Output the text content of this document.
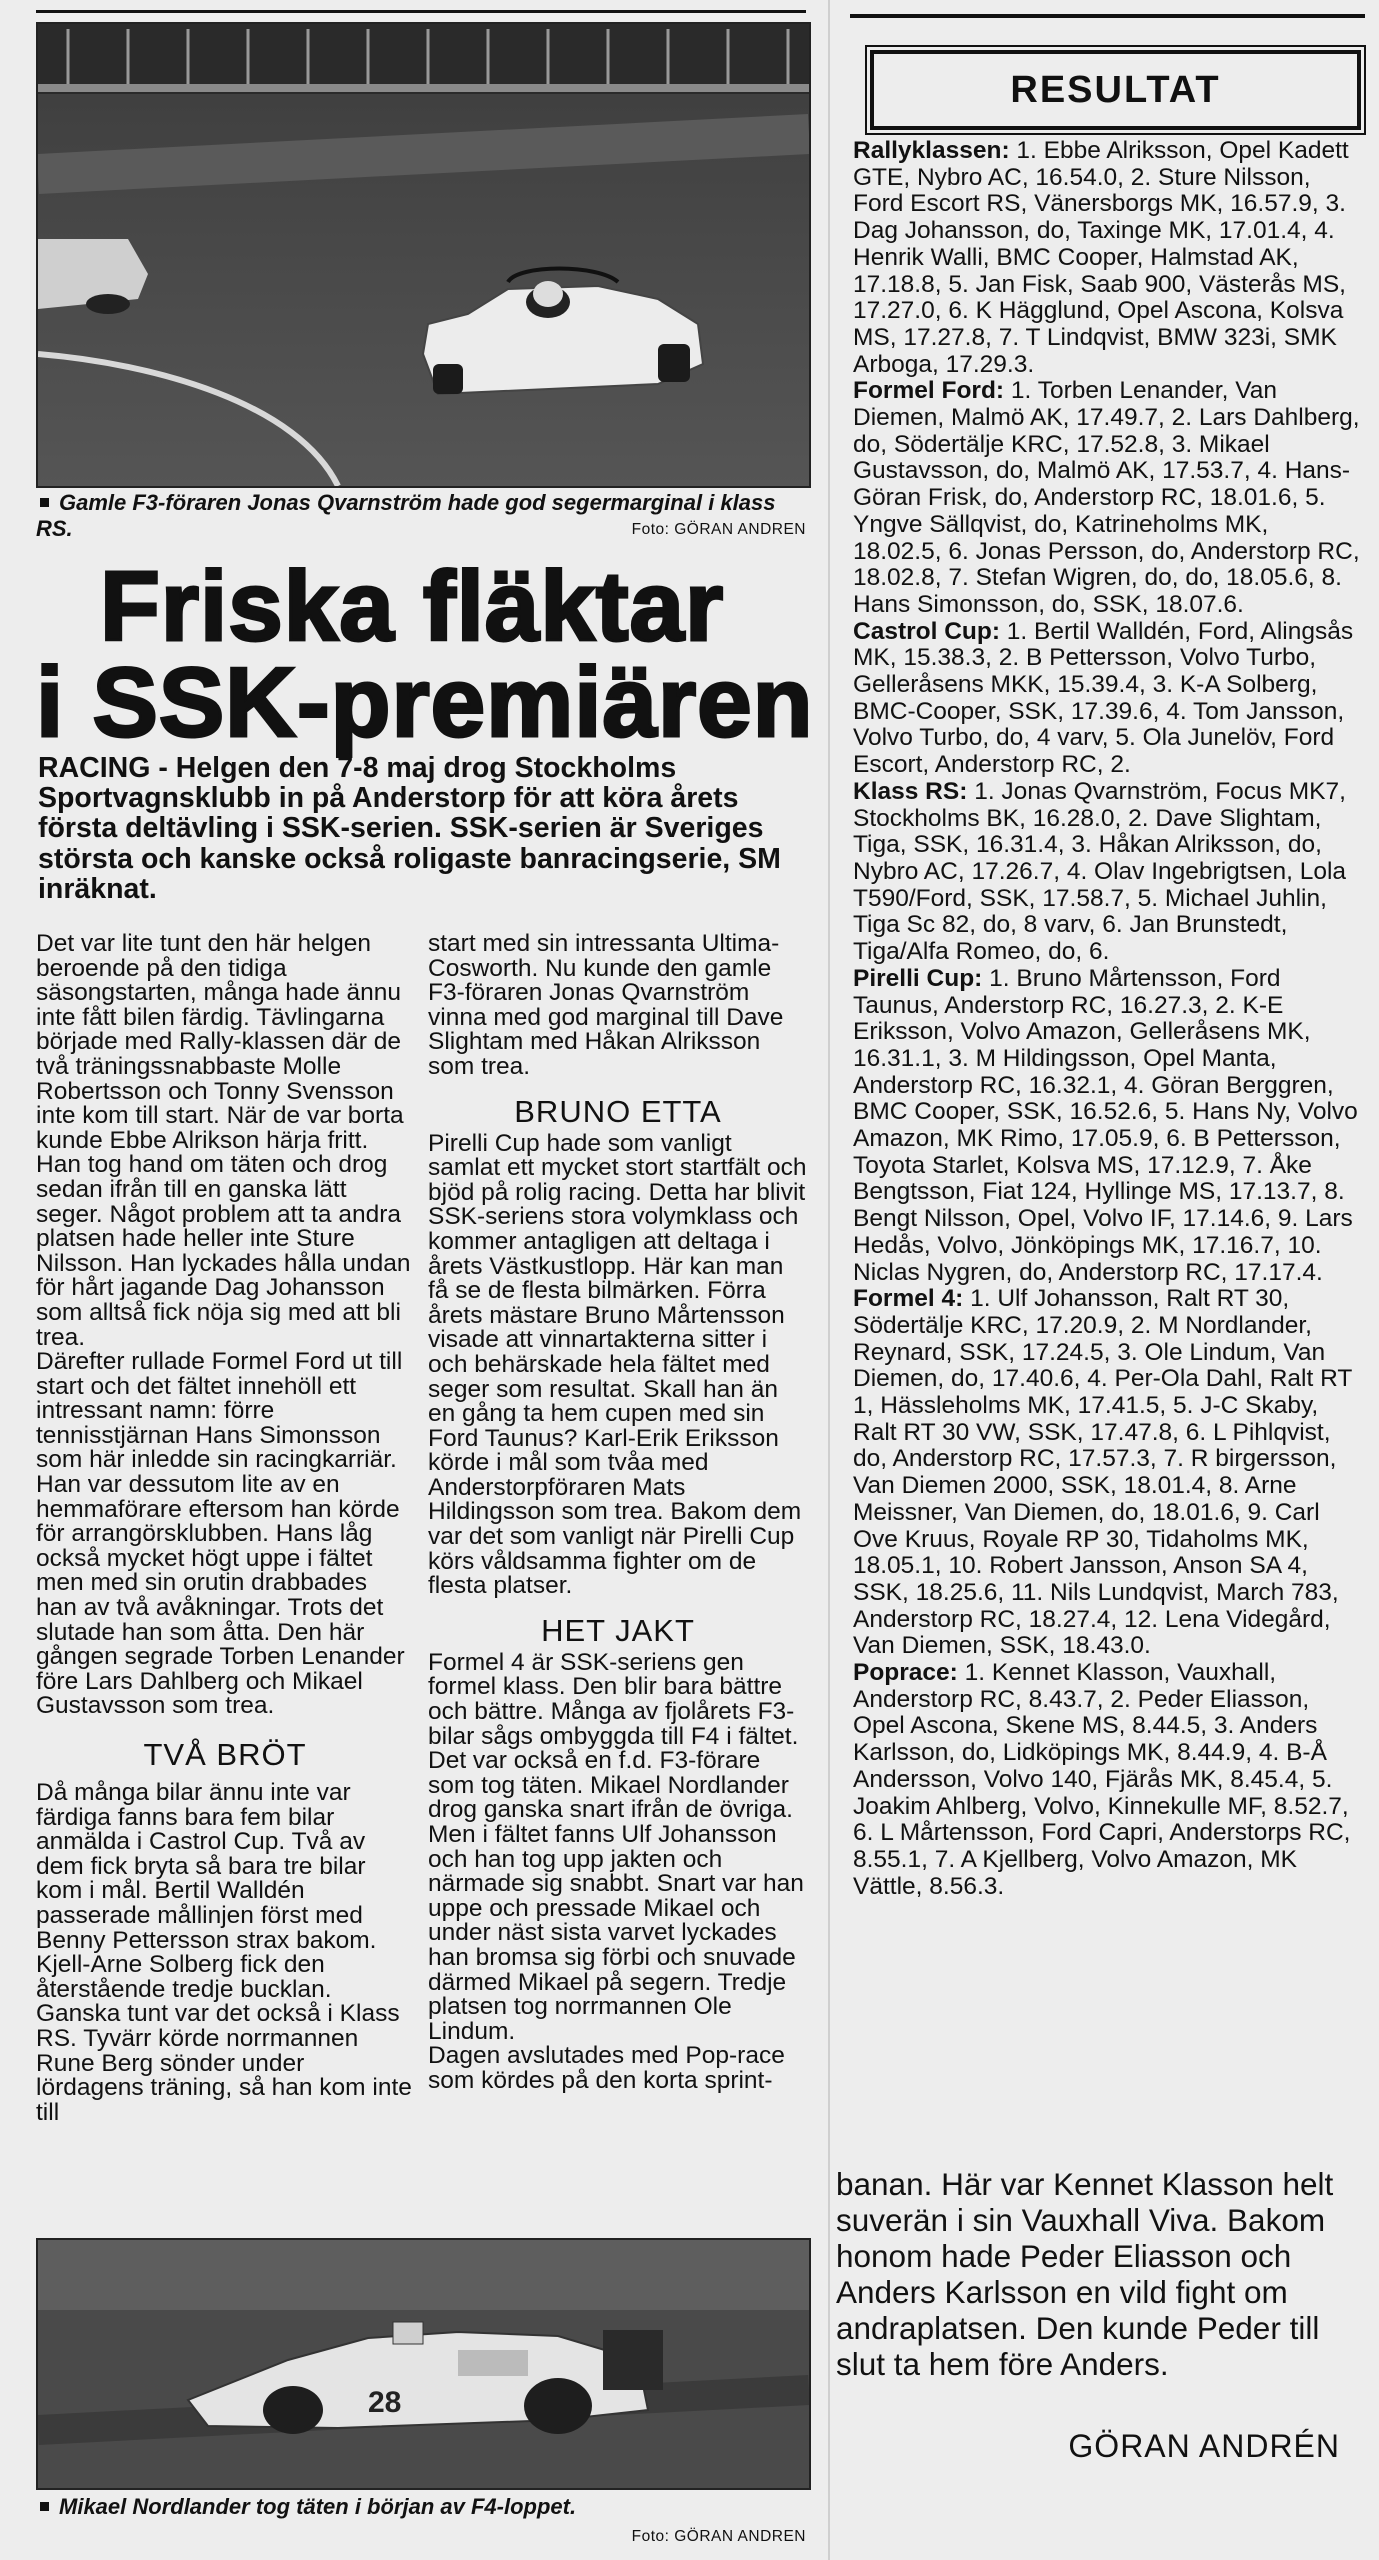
Gamle F3-föraren Jonas Qvarnström hade god segermarginal i klass RS.	Foto: GÖRAN ANDREN
Friska fläktar
i SSK-premiären
RACING - Helgen den 7-8 maj drog Stockholms Sportvagnsklubb in på Anderstorp för att köra årets första deltävling i SSK-serien. SSK-serien är Sveriges största och kanske också roligaste banracingserie, SM inräknat.
Det var lite tunt den här helgen beroende på den tidiga säsongstarten, många hade ännu inte fått bilen färdig. Tävlingarna började med Rally-klassen där de två träningssnabbaste Molle Robertsson och Tonny Svensson inte kom till start. När de var borta kunde Ebbe Alrikson härja fritt. Han tog hand om täten och drog sedan ifrån till en ganska lätt seger. Något problem att ta andra platsen hade heller inte Sture Nilsson. Han lyckades hålla undan för hårt jagande Dag Johansson som alltså fick nöja sig med att bli trea.
Därefter rullade Formel Ford ut till start och det fältet innehöll ett intressant namn: förre tennisstjärnan Hans Simonsson som här inledde sin racingkarriär. Han var dessutom lite av en hemmaförare eftersom han körde för arrangörsklubben. Hans låg också mycket högt uppe i fältet men med sin orutin drabbades han av två avåkningar. Trots det slutade han som åtta. Den här gången segrade Torben Lenander före Lars Dahlberg och Mikael Gustavsson som trea.
TVÅ BRÖT
Då många bilar ännu inte var färdiga fanns bara fem bilar anmälda i Castrol Cup. Två av dem fick bryta så bara tre bilar kom i mål. Bertil Walldén passerade mållinjen först med Benny Pettersson strax bakom. Kjell-Arne Solberg fick den återstående tredje bucklan.
Ganska tunt var det också i Klass RS. Tyvärr körde norrmannen Rune Berg sönder under lördagens träning, så han kom inte till
start med sin intressanta Ultima-Cosworth. Nu kunde den gamle F3-föraren Jonas Qvarnström vinna med god marginal till Dave Slightam med Håkan Alriksson som trea.
BRUNO ETTA
Pirelli Cup hade som vanligt samlat ett mycket stort startfält och bjöd på rolig racing. Detta har blivit SSK-seriens stora volymklass och kommer antagligen att deltaga i årets Västkustlopp. Här kan man få se de flesta bilmärken. Förra årets mästare Bruno Mårtensson visade att vinnartakterna sitter i och behärskade hela fältet med seger som resultat. Skall han än en gång ta hem cupen med sin Ford Taunus? Karl-Erik Eriksson körde i mål som tvåa med Anderstorpföraren Mats Hildingsson som trea. Bakom dem var det som vanligt när Pirelli Cup körs våldsamma fighter om de flesta platser.
HET JAKT
Formel 4 är SSK-seriens gen formel klass. Den blir bara bättre och bättre. Många av fjolårets F3-bilar sågs ombyggda till F4 i fältet. Det var också en f.d. F3-förare som tog täten. Mikael Nordlander drog ganska snart ifrån de övriga. Men i fältet fanns Ulf Johansson och han tog upp jakten och närmade sig snabbt. Snart var han uppe och pressade Mikael och under näst sista varvet lyckades han bromsa sig förbi och snuvade därmed Mikael på segern. Tredje platsen tog norrmannen Ole Lindum.
Dagen avslutades med Pop-race som kördes på den korta sprint-
RESULTAT
Rallyklassen: 1. Ebbe Alriksson, Opel Kadett GTE, Nybro AC, 16.54.0, 2. Sture Nilsson, Ford Escort RS, Vänersborgs MK, 16.57.9, 3. Dag Johansson, do, Taxinge MK, 17.01.4, 4. Henrik Walli, BMC Cooper, Halmstad AK, 17.18.8, 5. Jan Fisk, Saab 900, Västerås MS, 17.27.0, 6. K Hägglund, Opel Ascona, Kolsva MS, 17.27.8, 7. T Lindqvist, BMW 323i, SMK Arboga, 17.29.3.
Formel Ford: 1. Torben Lenander, Van Diemen, Malmö AK, 17.49.7, 2. Lars Dahlberg, do, Södertälje KRC, 17.52.8, 3. Mikael Gustavsson, do, Malmö AK, 17.53.7, 4. Hans-Göran Frisk, do, Anderstorp RC, 18.01.6, 5. Yngve Sällqvist, do, Katrineholms MK, 18.02.5, 6. Jonas Persson, do, Anderstorp RC, 18.02.8, 7. Stefan Wigren, do, do, 18.05.6, 8. Hans Simonsson, do, SSK, 18.07.6.
Castrol Cup: 1. Bertil Walldén, Ford, Alingsås MK, 15.38.3, 2. B Pettersson, Volvo Turbo, Gelleråsens MKK, 15.39.4, 3. K-A Solberg, BMC-Cooper, SSK, 17.39.6, 4. Tom Jansson, Volvo Turbo, do, 4 varv, 5. Ola Junelöv, Ford Escort, Anderstorp RC, 2.
Klass RS: 1. Jonas Qvarnström, Focus MK7, Stockholms BK, 16.28.0, 2. Dave Slightam, Tiga, SSK, 16.31.4, 3. Håkan Alriksson, do, Nybro AC, 17.26.7, 4. Olav Ingebrigtsen, Lola T590/Ford, SSK, 17.58.7, 5. Michael Juhlin, Tiga Sc 82, do, 8 varv, 6. Jan Brunstedt, Tiga/Alfa Romeo, do, 6.
Pirelli Cup: 1. Bruno Mårtensson, Ford Taunus, Anderstorp RC, 16.27.3, 2. K-E Eriksson, Volvo Amazon, Gelleråsens MK, 16.31.1, 3. M Hildingsson, Opel Manta, Anderstorp RC, 16.32.1, 4. Göran Berggren, BMC Cooper, SSK, 16.52.6, 5. Hans Ny, Volvo Amazon, MK Rimo, 17.05.9, 6. B Pettersson, Toyota Starlet, Kolsva MS, 17.12.9, 7. Åke Bengtsson, Fiat 124, Hyllinge MS, 17.13.7, 8. Bengt Nilsson, Opel, Volvo IF, 17.14.6, 9. Lars Hedås, Volvo, Jönköpings MK, 17.16.7, 10. Niclas Nygren, do, Anderstorp RC, 17.17.4.
Formel 4: 1. Ulf Johansson, Ralt RT 30, Södertälje KRC, 17.20.9, 2. M Nordlander, Reynard, SSK, 17.24.5, 3. Ole Lindum, Van Diemen, do, 17.40.6, 4. Per-Ola Dahl, Ralt RT 1, Hässleholms MK, 17.41.5, 5. J-C Skaby, Ralt RT 30 VW, SSK, 17.47.8, 6. L Pihlqvist, do, Anderstorp RC, 17.57.3, 7. R birgersson, Van Diemen 2000, SSK, 18.01.4, 8. Arne Meissner, Van Diemen, do, 18.01.6, 9. Carl Ove Kruus, Royale RP 30, Tidaholms MK, 18.05.1, 10. Robert Jansson, Anson SA 4, SSK, 18.25.6, 11. Nils Lundqvist, March 783, Anderstorp RC, 18.27.4, 12. Lena Videgård, Van Diemen, SSK, 18.43.0.
Poprace: 1. Kennet Klasson, Vauxhall, Anderstorp RC, 8.43.7, 2. Peder Eliasson, Opel Ascona, Skene MS, 8.44.5, 3. Anders Karlsson, do, Lidköpings MK, 8.44.9, 4. B-Å Andersson, Volvo 140, Fjärås MK, 8.45.4, 5. Joakim Ahlberg, Volvo, Kinnekulle MF, 8.52.7, 6. L Mårtensson, Ford Capri, Anderstorps RC, 8.55.1, 7. A Kjellberg, Volvo Amazon, MK Vättle, 8.56.3.
banan. Här var Kennet Klasson helt suverän i sin Vauxhall Viva. Bakom honom hade Peder Eliasson och Anders Karlsson en vild fight om andraplatsen. Den kunde Peder till slut ta hem före Anders.
GÖRAN ANDRÉN
28
Mikael Nordlander tog täten i början av F4-loppet.
Foto: GÖRAN ANDREN
